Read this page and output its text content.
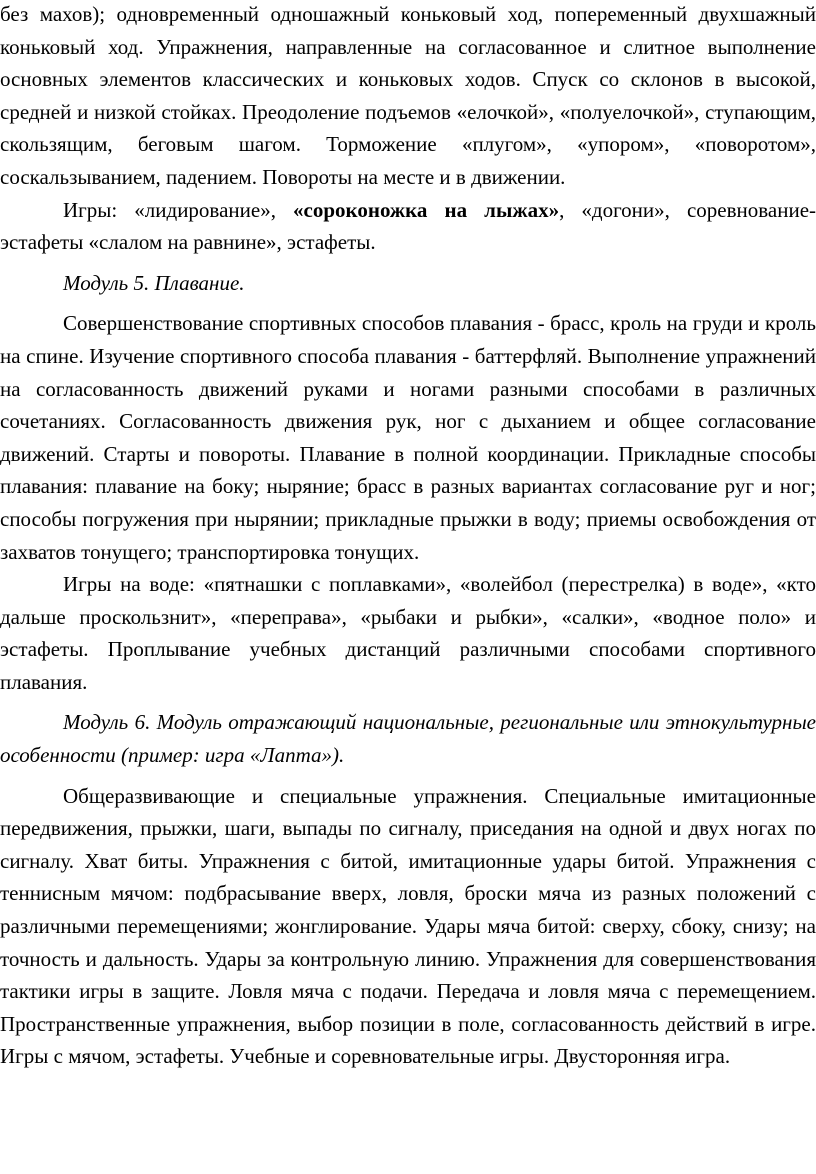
без махов); одновременный одношажный коньковый ход, попеременный двухшажный коньковый ход. Упражнения, направленные на согласованное и слитное выполнение основных элементов классических и коньковых ходов. Спуск со склонов в высокой, средней и низкой стойках. Преодоление подъемов «елочкой», «полуелочкой», ступающим, скользящим, беговым шагом. Торможение «плугом», «упором», «поворотом», соскальзыванием, падением. Повороты на месте и в движении.

Игры: «лидирование», «сороконожка на лыжах», «догони», соревнование-эстафеты «слалом на равнине», эстафеты.

Модуль 5. Плавание.

Совершенствование спортивных способов плавания - брасс, кроль на груди и кроль на спине. Изучение спортивного способа плавания - баттерфляй. Выполнение упражнений на согласованность движений руками и ногами разными способами в различных сочетаниях. Согласованность движения рук, ног с дыханием и общее согласование движений. Старты и повороты. Плавание в полной координации. Прикладные способы плавания: плавание на боку; ныряние; брасс в разных вариантах согласование руг и ног; способы погружения при нырянии; прикладные прыжки в воду; приемы освобождения от захватов тонущего; транспортировка тонущих.

Игры на воде: «пятнашки с поплавками», «волейбол (перестрелка) в воде», «кто дальше проскользнит», «переправа», «рыбаки и рыбки», «салки», «водное поло» и эстафеты. Проплывание учебных дистанций различными способами спортивного плавания.

Модуль 6. Модуль отражающий национальные, региональные или этнокультурные особенности (пример: игра «Лапта»).

Общеразвивающие и специальные упражнения. Специальные имитационные передвижения, прыжки, шаги, выпады по сигналу, приседания на одной и двух ногах по сигналу. Хват биты. Упражнения с битой, имитационные удары битой. Упражнения с теннисным мячом: подбрасывание вверх, ловля, броски мяча из разных положений с различными перемещениями; жонглирование. Удары мяча битой: сверху, сбоку, снизу; на точность и дальность. Удары за контрольную линию. Упражнения для совершенствования тактики игры в защите. Ловля мяча с подачи. Передача и ловля мяча с перемещением. Пространственные упражнения, выбор позиции в поле, согласованность действий в игре. Игры с мячом, эстафеты. Учебные и соревновательные игры. Двусторонняя игра.
